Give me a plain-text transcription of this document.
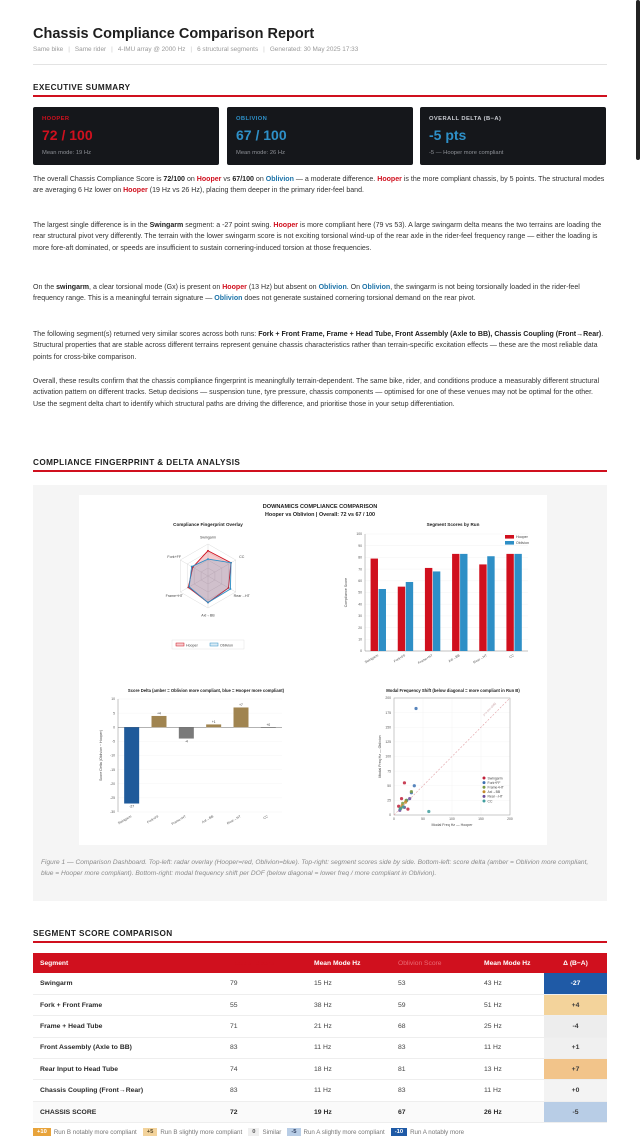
Chassis Compliance Comparison Report
Same bike | Same rider | 4-IMU array @ 2000 Hz | 6 structural segments | Generated: 30 May 2025 17:33
EXECUTIVE SUMMARY
HOOPER
72 / 100
Mean mode: 19 Hz
OBLIVION
67 / 100
Mean mode: 26 Hz
OVERALL DELTA (B−A)
-5 pts
-5 — Hooper more compliant
The overall Chassis Compliance Score is 72/100 on Hooper vs 67/100 on Oblivion — a moderate difference. Hooper is the more compliant chassis, by 5 points. The structural modes are averaging 6 Hz lower on Hooper (19 Hz vs 26 Hz), placing them deeper in the primary rider-feel band.
The largest single difference is in the Swingarm segment: a -27 point swing. Hooper is more compliant here (79 vs 53). A large swingarm delta means the two terrains are loading the rear structural pivot very differently. The terrain with the lower swingarm score is not exciting torsional wind-up of the rear axle in the rider-feel frequency range — either the loading is more fore-aft dominated, or speeds are insufficient to sustain cornering-induced torsion at those frequencies.
On the swingarm, a clear torsional mode (Gx) is present on Hooper (13 Hz) but absent on Oblivion. On Oblivion, the swingarm is not being torsionally loaded in the rider-feel frequency range. This is a meaningful terrain signature — Oblivion does not generate sustained cornering torsional demand on the rear pivot.
The following segment(s) returned very similar scores across both runs: Fork + Front Frame, Frame + Head Tube, Front Assembly (Axle to BB), Chassis Coupling (Front→Rear). Structural properties that are stable across different terrains represent genuine chassis characteristics rather than terrain-specific excitation effects — these are the most reliable data points for cross-bike comparison.
Overall, these results confirm that the chassis compliance fingerprint is meaningfully terrain-dependent. The same bike, rider, and conditions produce a measurably different structural activation pattern on different tracks. Setup decisions — suspension tune, tyre pressure, chassis components — optimised for one of these venues may not be optimal for the other. Use the segment delta chart to identify which structural paths are driving the difference, and prioritise those in your setup differentiation.
COMPLIANCE FINGERPRINT & DELTA ANALYSIS
DOWNAMICS COMPLIANCE COMPARISON
Hooper vs Oblivion | Overall: 72 vs 67 / 100
Compliance Fingerprint Overlay
Swingarm
CC
Rear→HT
Axl→BB
Frame+HT
Fork+FF
Hooper	Oblivion
Segment Scores by Run
0
10
20
30
40
50
60
70
80
90
100
Compliance Score
Swingarm	Fork+FF	Frame+HT	Axl→BB	Rear→HT	CC
Hooper
Oblivion
Score Delta (amber = Oblivion more compliant, blue = Hooper more compliant)
10
5
0
-5
-10
-15
-20
-25
-30
Score Delta (Oblivion − Hooper)
-27
Swingarm
+4
Fork+FF
-4
Frame+HT
+1
Axl→BB
+7
Rear→HT
+0
CC
Modal Frequency Shift (below diagonal = more compliant in Run B)
200
175
150
125
100
75
50
25
0
0	50	100	150	200
y=x (no shift)
Modal Freq Hz — Hooper
Modal Freq Hz — Oblivion
Swingarm
Fork+FF
Frame+HT
Axl→BB
Rear→HT
CC
Figure 1 — Comparison Dashboard. Top-left: radar overlay (Hooper=red, Oblivion=blue). Top-right: segment scores side by side. Bottom-left: score delta (amber = Oblivion more compliant, blue = Hooper more compliant). Bottom-right: modal frequency shift per DOF (below diagonal = lower freq / more compliant in Oblivion).
SEGMENT SCORE COMPARISON
Segment	Hooper Score	Mean Mode Hz	Oblivion Score	Mean Mode Hz	Δ (B−A)
Swingarm	79	15 Hz	53	43 Hz	-27
Fork + Front Frame	55	38 Hz	59	51 Hz	+4
Frame + Head Tube	71	21 Hz	68	25 Hz	-4
Front Assembly (Axle to BB)	83	11 Hz	83	11 Hz	+1
Rear Input to Head Tube	74	18 Hz	81	13 Hz	+7
Chassis Coupling (Front→Rear)	83	11 Hz	83	11 Hz	+0
CHASSIS SCORE	72	19 Hz	67	26 Hz	-5
+10	Run B notably more compliant	+5	Run B slightly more compliant	0	Similar	-5	Run A slightly more compliant	-10	Run A notably more
